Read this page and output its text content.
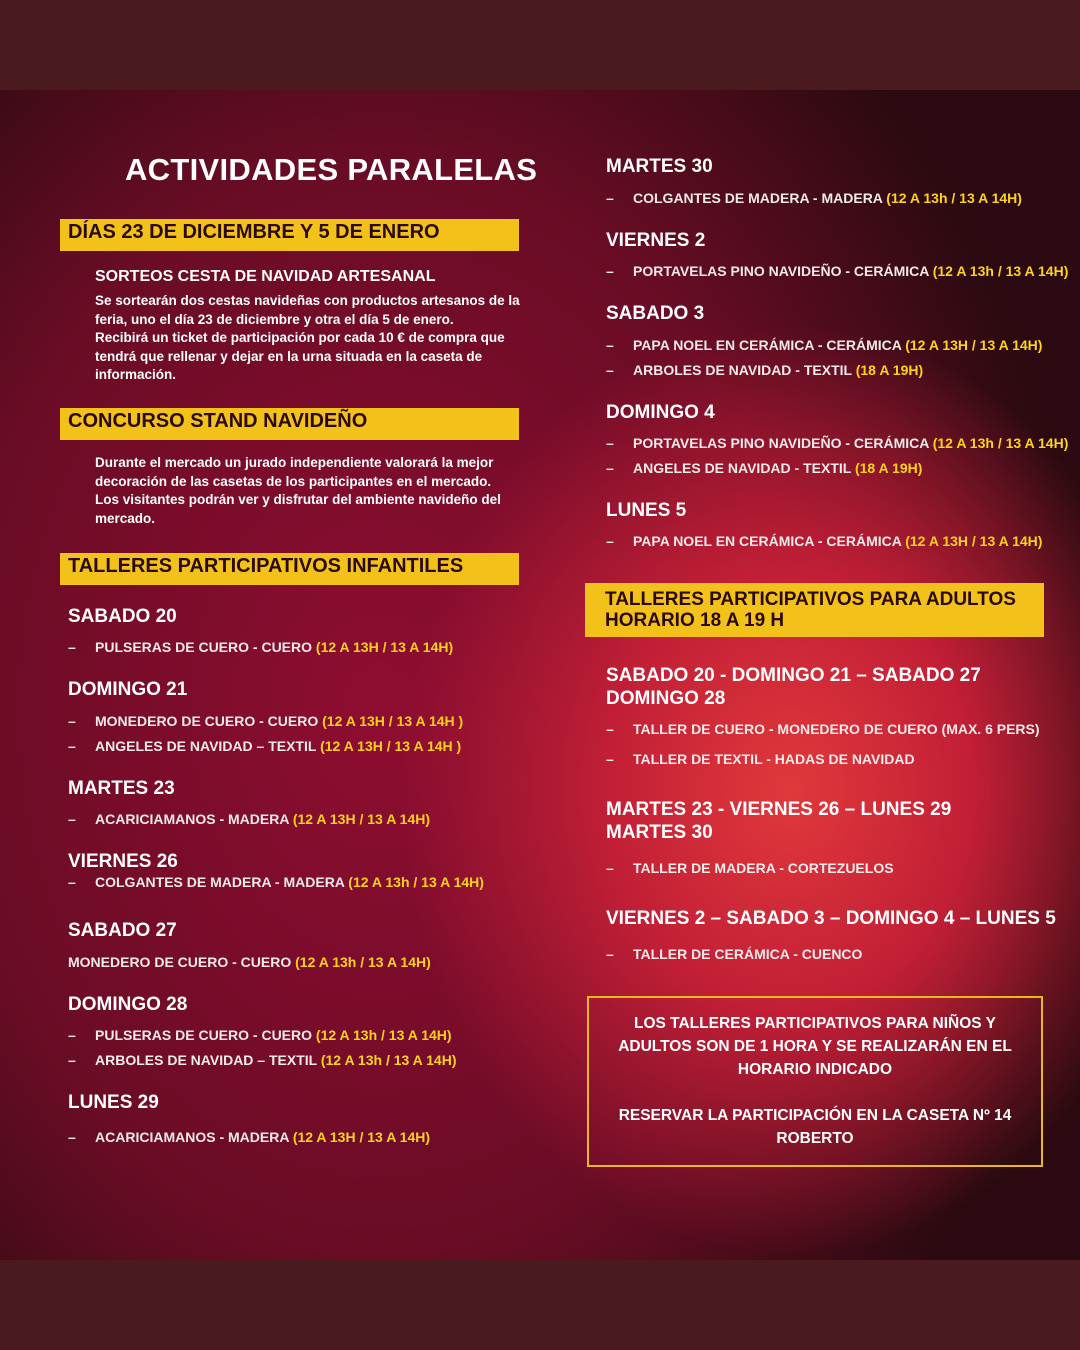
ACTIVIDADES PARALELAS
DÍAS 23 DE DICIEMBRE Y 5 DE ENERO
SORTEOS CESTA DE NAVIDAD ARTESANAL
Se sortearán dos cestas navideñas con productos artesanos de la
feria, uno el día 23 de diciembre y otra el día 5 de enero.
Recibirá un ticket de participación por cada 10 € de compra que
tendrá que rellenar y dejar en la urna situada en la caseta de
información.
CONCURSO STAND NAVIDEÑO
Durante el mercado un jurado independiente valorará la mejor
decoración de las casetas de los participantes en el mercado.
Los visitantes podrán ver y disfrutar del ambiente navideño del
mercado.
TALLERES PARTICIPATIVOS INFANTILES
SABADO 20
– PULSERAS DE CUERO - CUERO (12 A 13H / 13 A 14H)
DOMINGO 21
– MONEDERO DE CUERO - CUERO (12 A 13H / 13 A 14H )
– ANGELES DE NAVIDAD – TEXTIL (12 A 13H / 13 A 14H )
MARTES 23
– ACARICIAMANOS - MADERA (12 A 13H / 13 A 14H)
VIERNES 26
– COLGANTES DE MADERA - MADERA (12 A 13h / 13 A 14H)
SABADO 27
MONEDERO DE CUERO - CUERO (12 A 13h / 13 A 14H)
DOMINGO 28
– PULSERAS DE CUERO - CUERO (12 A 13h / 13 A 14H)
– ARBOLES DE NAVIDAD – TEXTIL (12 A 13h / 13 A 14H)
LUNES 29
– ACARICIAMANOS - MADERA (12 A 13H / 13 A 14H)
MARTES 30
– COLGANTES DE MADERA - MADERA (12 A 13h / 13 A 14H)
VIERNES 2
– PORTAVELAS PINO NAVIDEÑO - CERÁMICA (12 A 13h / 13 A 14H)
SABADO 3
– PAPA NOEL EN CERÁMICA - CERÁMICA (12 A 13H / 13 A 14H)
– ARBOLES DE NAVIDAD - TEXTIL (18 A 19H)
DOMINGO 4
– PORTAVELAS PINO NAVIDEÑO - CERÁMICA (12 A 13h / 13 A 14H)
– ANGELES DE NAVIDAD - TEXTIL (18 A 19H)
LUNES 5
– PAPA NOEL EN CERÁMICA - CERÁMICA (12 A 13H / 13 A 14H)
TALLERES PARTICIPATIVOS PARA ADULTOS
HORARIO 18 A 19 H
SABADO 20 - DOMINGO 21 – SABADO 27
DOMINGO 28
– TALLER DE CUERO - MONEDERO DE CUERO (MAX. 6 PERS)
– TALLER DE TEXTIL - HADAS DE NAVIDAD
MARTES 23 - VIERNES 26 – LUNES 29
MARTES 30
– TALLER DE MADERA - CORTEZUELOS
VIERNES 2 – SABADO 3 – DOMINGO 4 – LUNES 5
– TALLER DE CERÁMICA - CUENCO

LOS TALLERES PARTICIPATIVOS PARA NIÑOS Y
ADULTOS SON DE 1 HORA Y SE REALIZARÁN EN EL
HORARIO INDICADO

RESERVAR LA PARTICIPACIÓN EN LA CASETA Nº 14
ROBERTO
